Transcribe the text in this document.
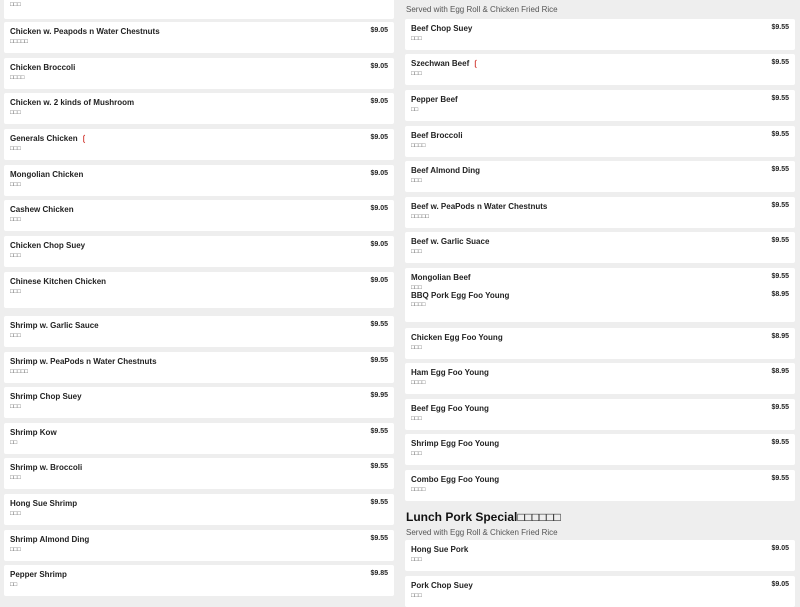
□□□
Chicken w. Peapods n Water Chestnuts
□□□□□
$9.05
Chicken Broccoli
□□□□
$9.05
Chicken w. 2 kinds of Mushroom
□□□
$9.05
Generals Chicken ❲
□□□
$9.05
Mongolian Chicken
□□□
$9.05
Cashew Chicken
□□□
$9.05
Chicken Chop Suey
□□□
$9.05
Chinese Kitchen Chicken
□□□
$9.05
Shrimp w. Garlic Sauce
□□□
$9.55
Shrimp w. PeaPods n Water Chestnuts
□□□□□
$9.55
Shrimp Chop Suey
□□□
$9.95
Shrimp Kow
□□
$9.55
Shrimp w. Broccoli
□□□
$9.55
Hong Sue Shrimp
□□□
$9.55
Shrimp Almond Ding
□□□
$9.55
Pepper Shrimp
□□
$9.85
Served with Egg Roll & Chicken Fried Rice
Beef Chop Suey
□□□
$9.55
Szechwan Beef ❲
□□□
$9.55
Pepper Beef
□□
$9.55
Beef Broccoli
□□□□
$9.55
Beef Almond Ding
□□□
$9.55
Beef w. PeaPods n Water Chestnuts
□□□□□
$9.55
Beef w. Garlic Suace
□□□
$9.55
Mongolian Beef
□□□
$9.55
BBQ Pork Egg Foo Young
□□□□
$8.95
Chicken Egg Foo Young
□□□
$8.95
Ham Egg Foo Young
□□□□
$8.95
Beef Egg Foo Young
□□□
$9.55
Shrimp Egg Foo Young
□□□
$9.55
Combo Egg Foo Young
□□□□
$9.55
Lunch Pork Special□□□□□□
Served with Egg Roll & Chicken Fried Rice
Hong Sue Pork
□□□
$9.05
Pork Chop Suey
□□□
$9.05
